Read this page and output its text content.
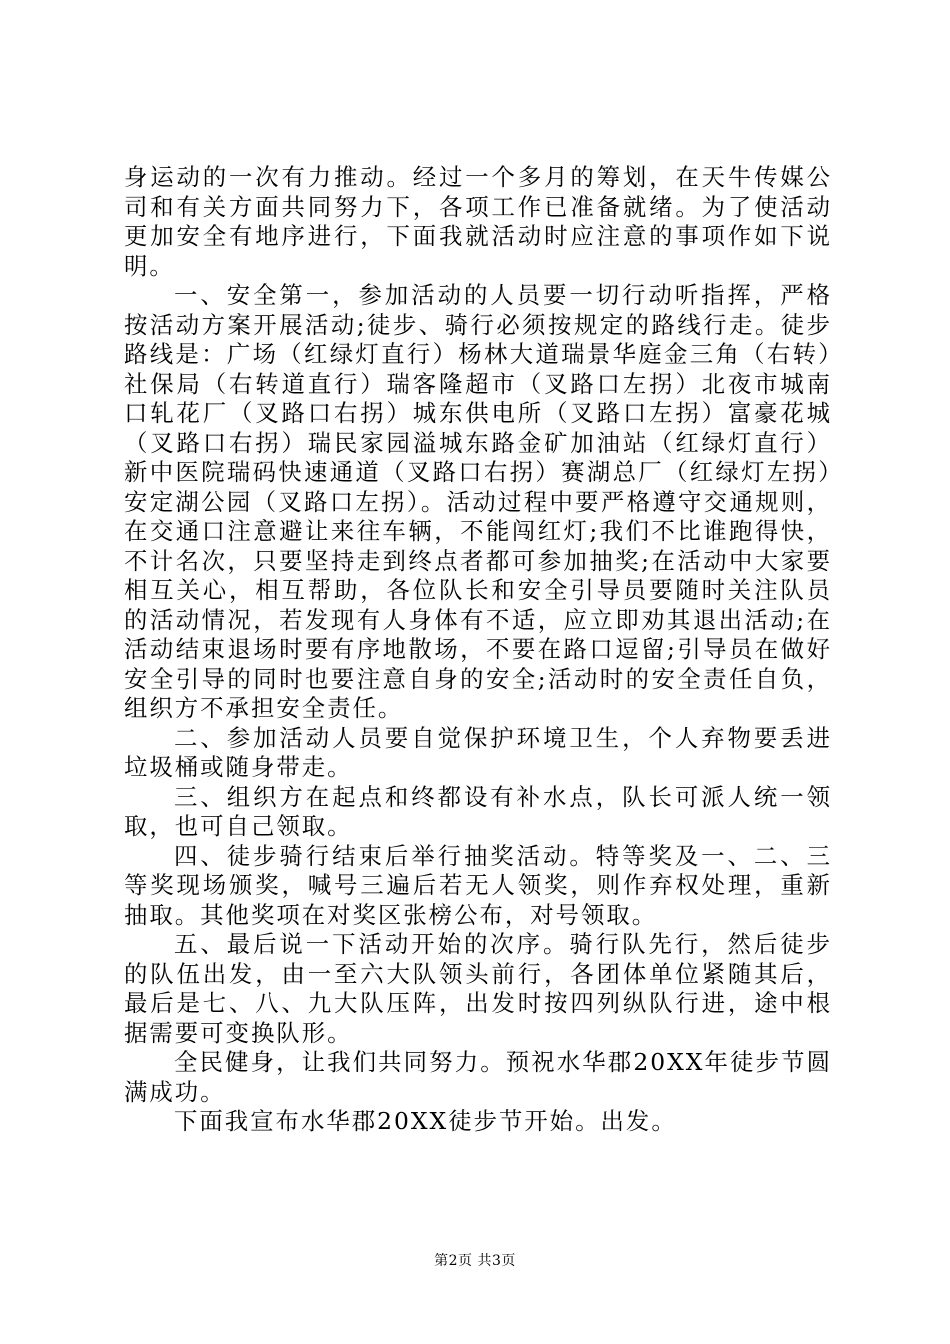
身运动的一次有力推动。经过一个多月的筹划，在天牛传媒公司和有关方面共同努力下，各项工作已准备就绪。为了使活动更加安全有地序进行，下面我就活动时应注意的事项作如下说明。

一、安全第一，参加活动的人员要一切行动听指挥，严格按活动方案开展活动;徒步、骑行必须按规定的路线行走。徒步路线是：广场（红绿灯直行）杨林大道瑞景华庭金三角（右转）社保局（右转道直行）瑞客隆超市（叉路口左拐）北夜市城南口轧花厂（叉路口右拐）城东供电所（叉路口左拐）富豪花城（叉路口右拐）瑞民家园溢城东路金矿加油站（红绿灯直行）新中医院瑞码快速通道（叉路口右拐）赛湖总厂（红绿灯左拐）安定湖公园（叉路口左拐）。活动过程中要严格遵守交通规则，在交通口注意避让来往车辆，不能闯红灯;我们不比谁跑得快，不计名次，只要坚持走到终点者都可参加抽奖;在活动中大家要相互关心，相互帮助，各位队长和安全引导员要随时关注队员的活动情况，若发现有人身体有不适，应立即劝其退出活动;在活动结束退场时要有序地散场，不要在路口逗留;引导员在做好安全引导的同时也要注意自身的安全;活动时的安全责任自负，组织方不承担安全责任。

二、参加活动人员要自觉保护环境卫生，个人弃物要丢进垃圾桶或随身带走。

三、组织方在起点和终都设有补水点，队长可派人统一领取，也可自己领取。

四、徒步骑行结束后举行抽奖活动。特等奖及一、二、三等奖现场颁奖，喊号三遍后若无人领奖，则作弃权处理，重新抽取。其他奖项在对奖区张榜公布，对号领取。

五、最后说一下活动开始的次序。骑行队先行，然后徒步的队伍出发，由一至六大队领头前行，各团体单位紧随其后，最后是七、八、九大队压阵，出发时按四列纵队行进，途中根据需要可变换队形。

全民健身，让我们共同努力。预祝水华郡20XX年徒步节圆满成功。

下面我宣布水华郡20XX徒步节开始。出发。

第2页 共3页
